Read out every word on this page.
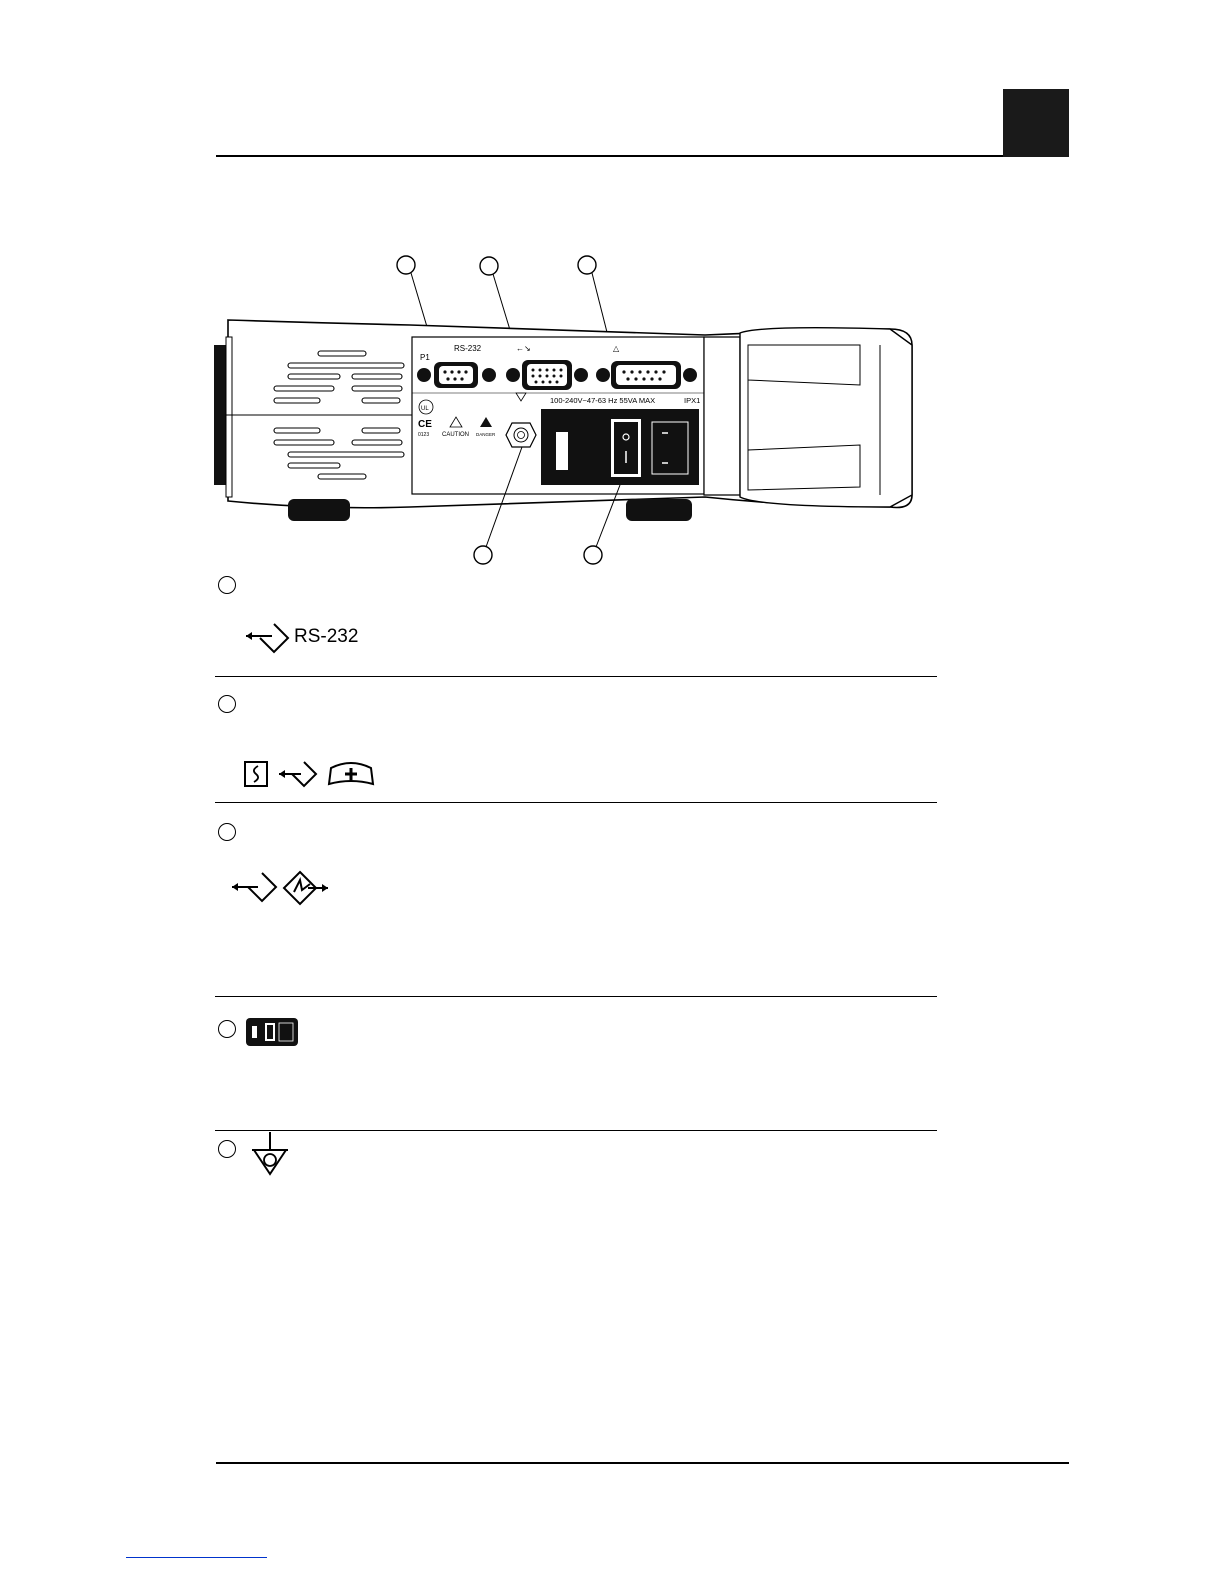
P1
RS-232	←↘	△
100-240V~47-63 Hz 55VA MAX	IPX1
CE
0123
UL
CAUTION DANGER
RS-232
